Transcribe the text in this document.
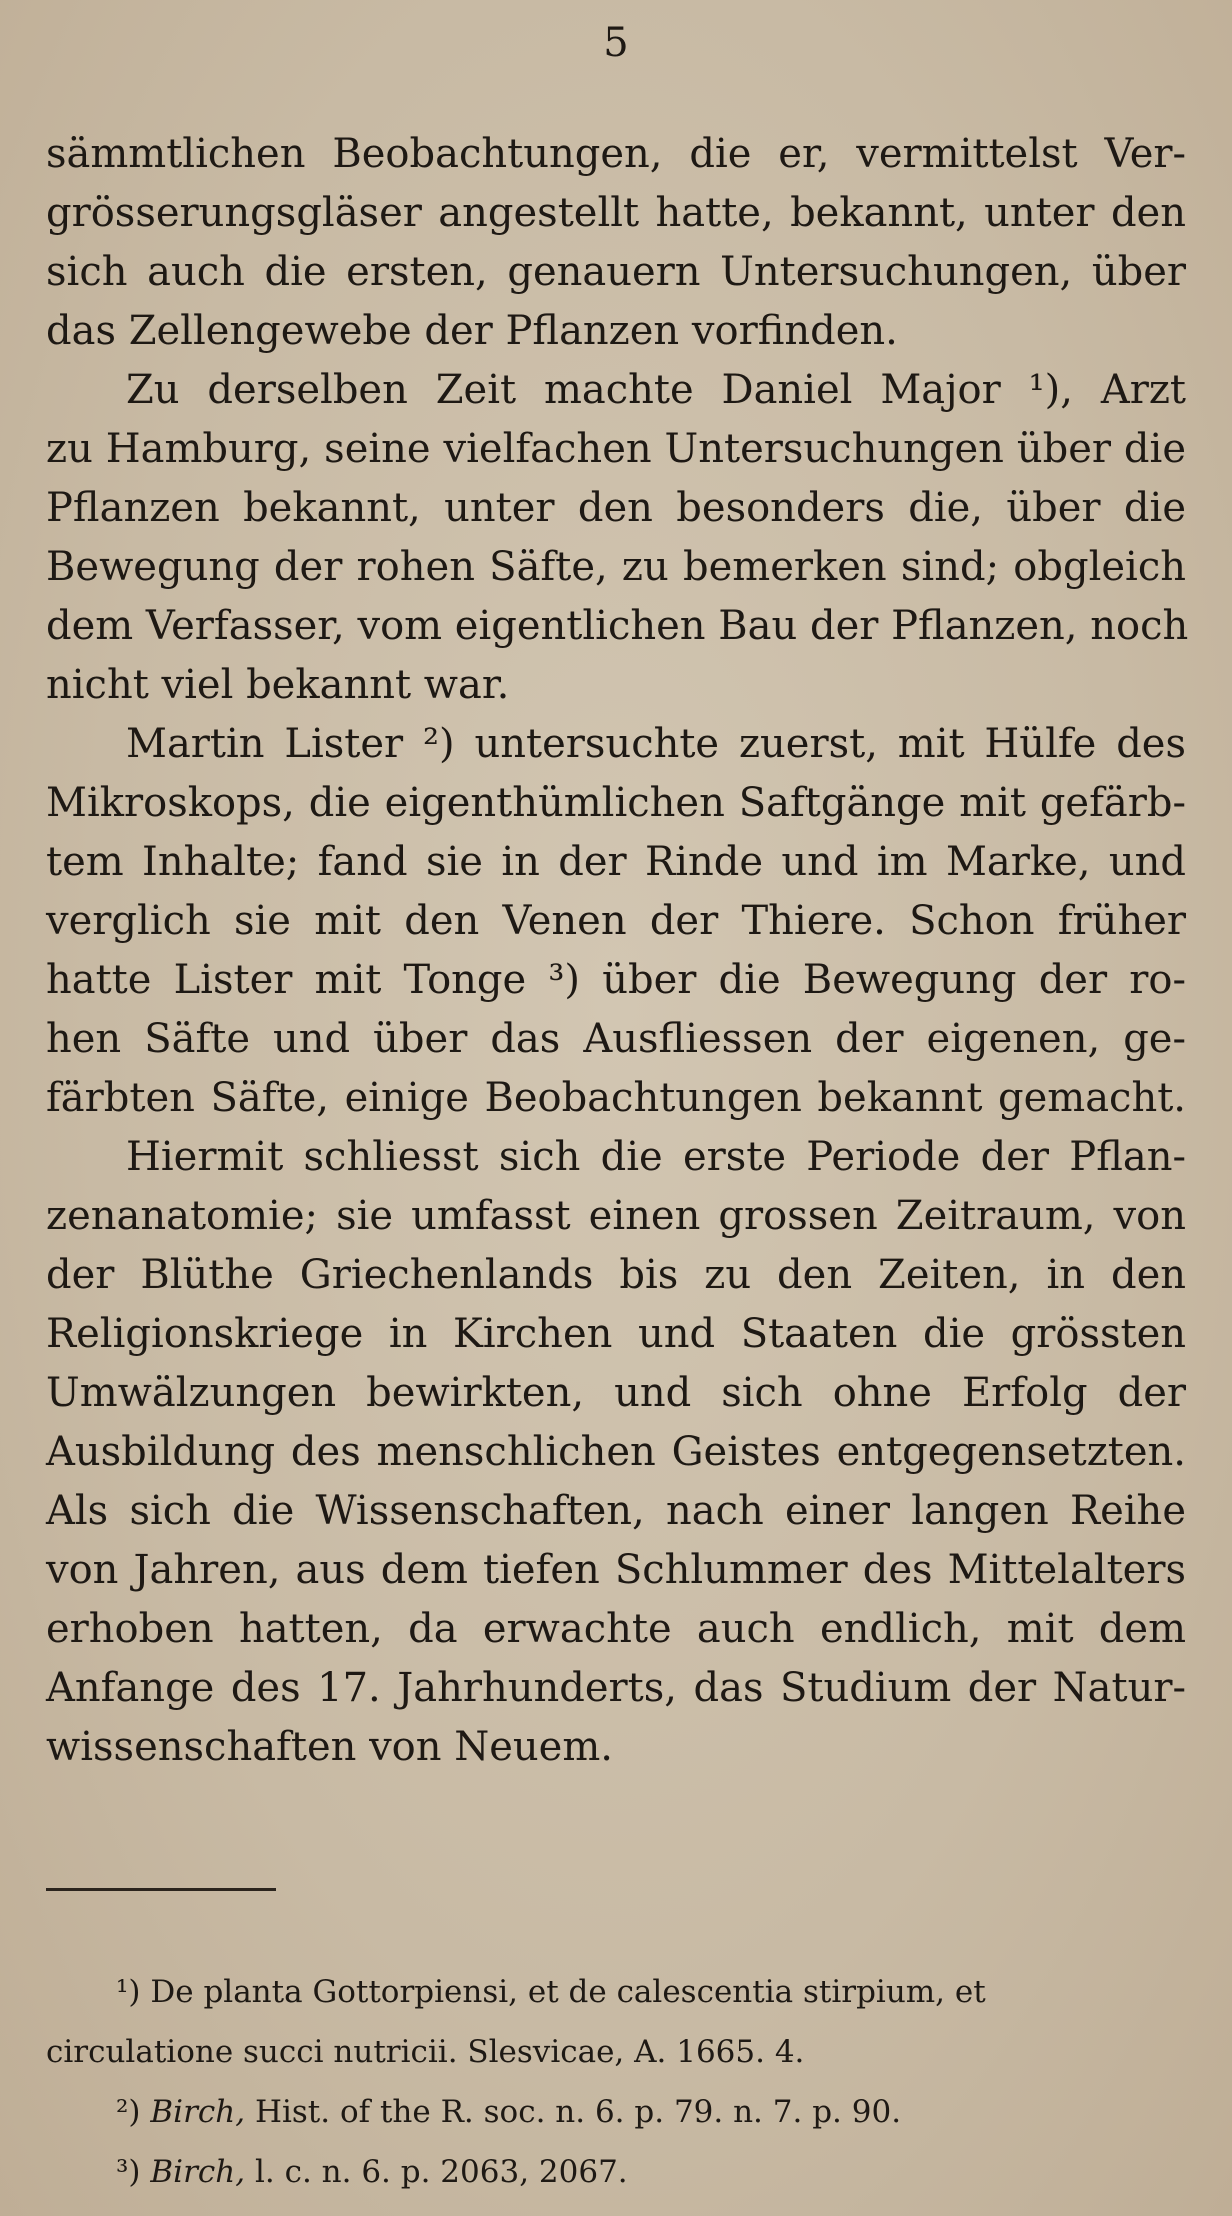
5
sämmtlichen Beobachtungen, die er, vermittelst Ver-
grösserungsgläser angestellt hatte, bekannt, unter den
sich auch die ersten, genauern Untersuchungen, über
das Zellengewebe der Pflanzen vorfinden.
Zu derselben Zeit machte Daniel Major ¹), Arzt
zu Hamburg, seine vielfachen Untersuchungen über die
Pflanzen bekannt, unter den besonders die, über die
Bewegung der rohen Säfte, zu bemerken sind; obgleich
dem Verfasser, vom eigentlichen Bau der Pflanzen, noch
nicht viel bekannt war.
Martin Lister ²) untersuchte zuerst, mit Hülfe des
Mikroskops, die eigenthümlichen Saftgänge mit gefärb-
tem Inhalte; fand sie in der Rinde und im Marke, und
verglich sie mit den Venen der Thiere. Schon früher
hatte Lister mit Tonge ³) über die Bewegung der ro-
hen Säfte und über das Ausfliessen der eigenen, ge-
färbten Säfte, einige Beobachtungen bekannt gemacht.
Hiermit schliesst sich die erste Periode der Pflan-
zenanatomie; sie umfasst einen grossen Zeitraum, von
der Blüthe Griechenlands bis zu den Zeiten, in den
Religionskriege in Kirchen und Staaten die grössten
Umwälzungen bewirkten, und sich ohne Erfolg der
Ausbildung des menschlichen Geistes entgegensetzten.
Als sich die Wissenschaften, nach einer langen Reihe
von Jahren, aus dem tiefen Schlummer des Mittelalters
erhoben hatten, da erwachte auch endlich, mit dem
Anfange des 17. Jahrhunderts, das Studium der Natur-
wissenschaften von Neuem.
¹) De planta Gottorpiensi, et de calescentia stirpium, et
circulatione succi nutricii. Slesvicae, A. 1665. 4.
²) Birch, Hist. of the R. soc. n. 6. p. 79. n. 7. p. 90.
³) Birch, l. c. n. 6. p. 2063, 2067.
